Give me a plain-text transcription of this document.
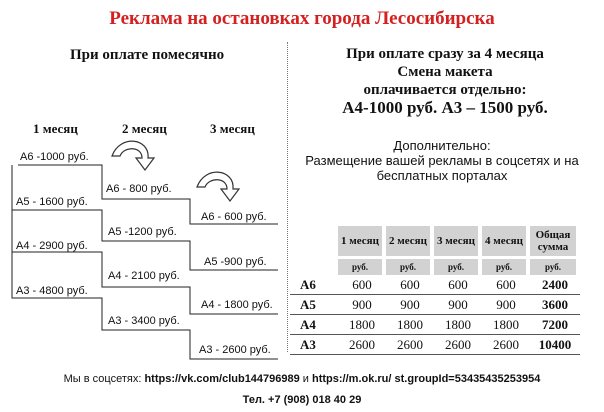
Реклама на остановках города Лесосибирска
При оплате помесячно
1 месяц	2 месяц	3 месяц
А6 -1000 руб.
А6 - 800 руб.
А6 - 600 руб.
А5 - 1600 руб.
А5 -1200 руб.
А5 -900 руб.
А4 - 2900 руб.
А4 - 2100 руб.
А4 - 1800 руб.
А3 - 4800 руб.
А3 - 3400 руб.
А3 - 2600 руб.
При оплате сразу за 4 месяца
Смена макета
оплачивается отдельно:
А4-1000 руб. А3 – 1500 руб.
Дополнительно:
Размещение вашей рекламы в соцсетях и на бесплатных порталах
	1 месяц	2 месяц	3 месяц	4 месяц	Общая сумма
	руб.	руб.	руб.	руб.	руб.
А6	600	600	600	600	2400
А5	900	900	900	900	3600
А4	1800	1800	1800	1800	7200
А3	2600	2600	2600	2600	10400
Мы в соцсетях: https://vk.com/club144796989 и https://m.ok.ru/ st.groupId=53435435253954
Тел. +7 (908) 018 40 29
